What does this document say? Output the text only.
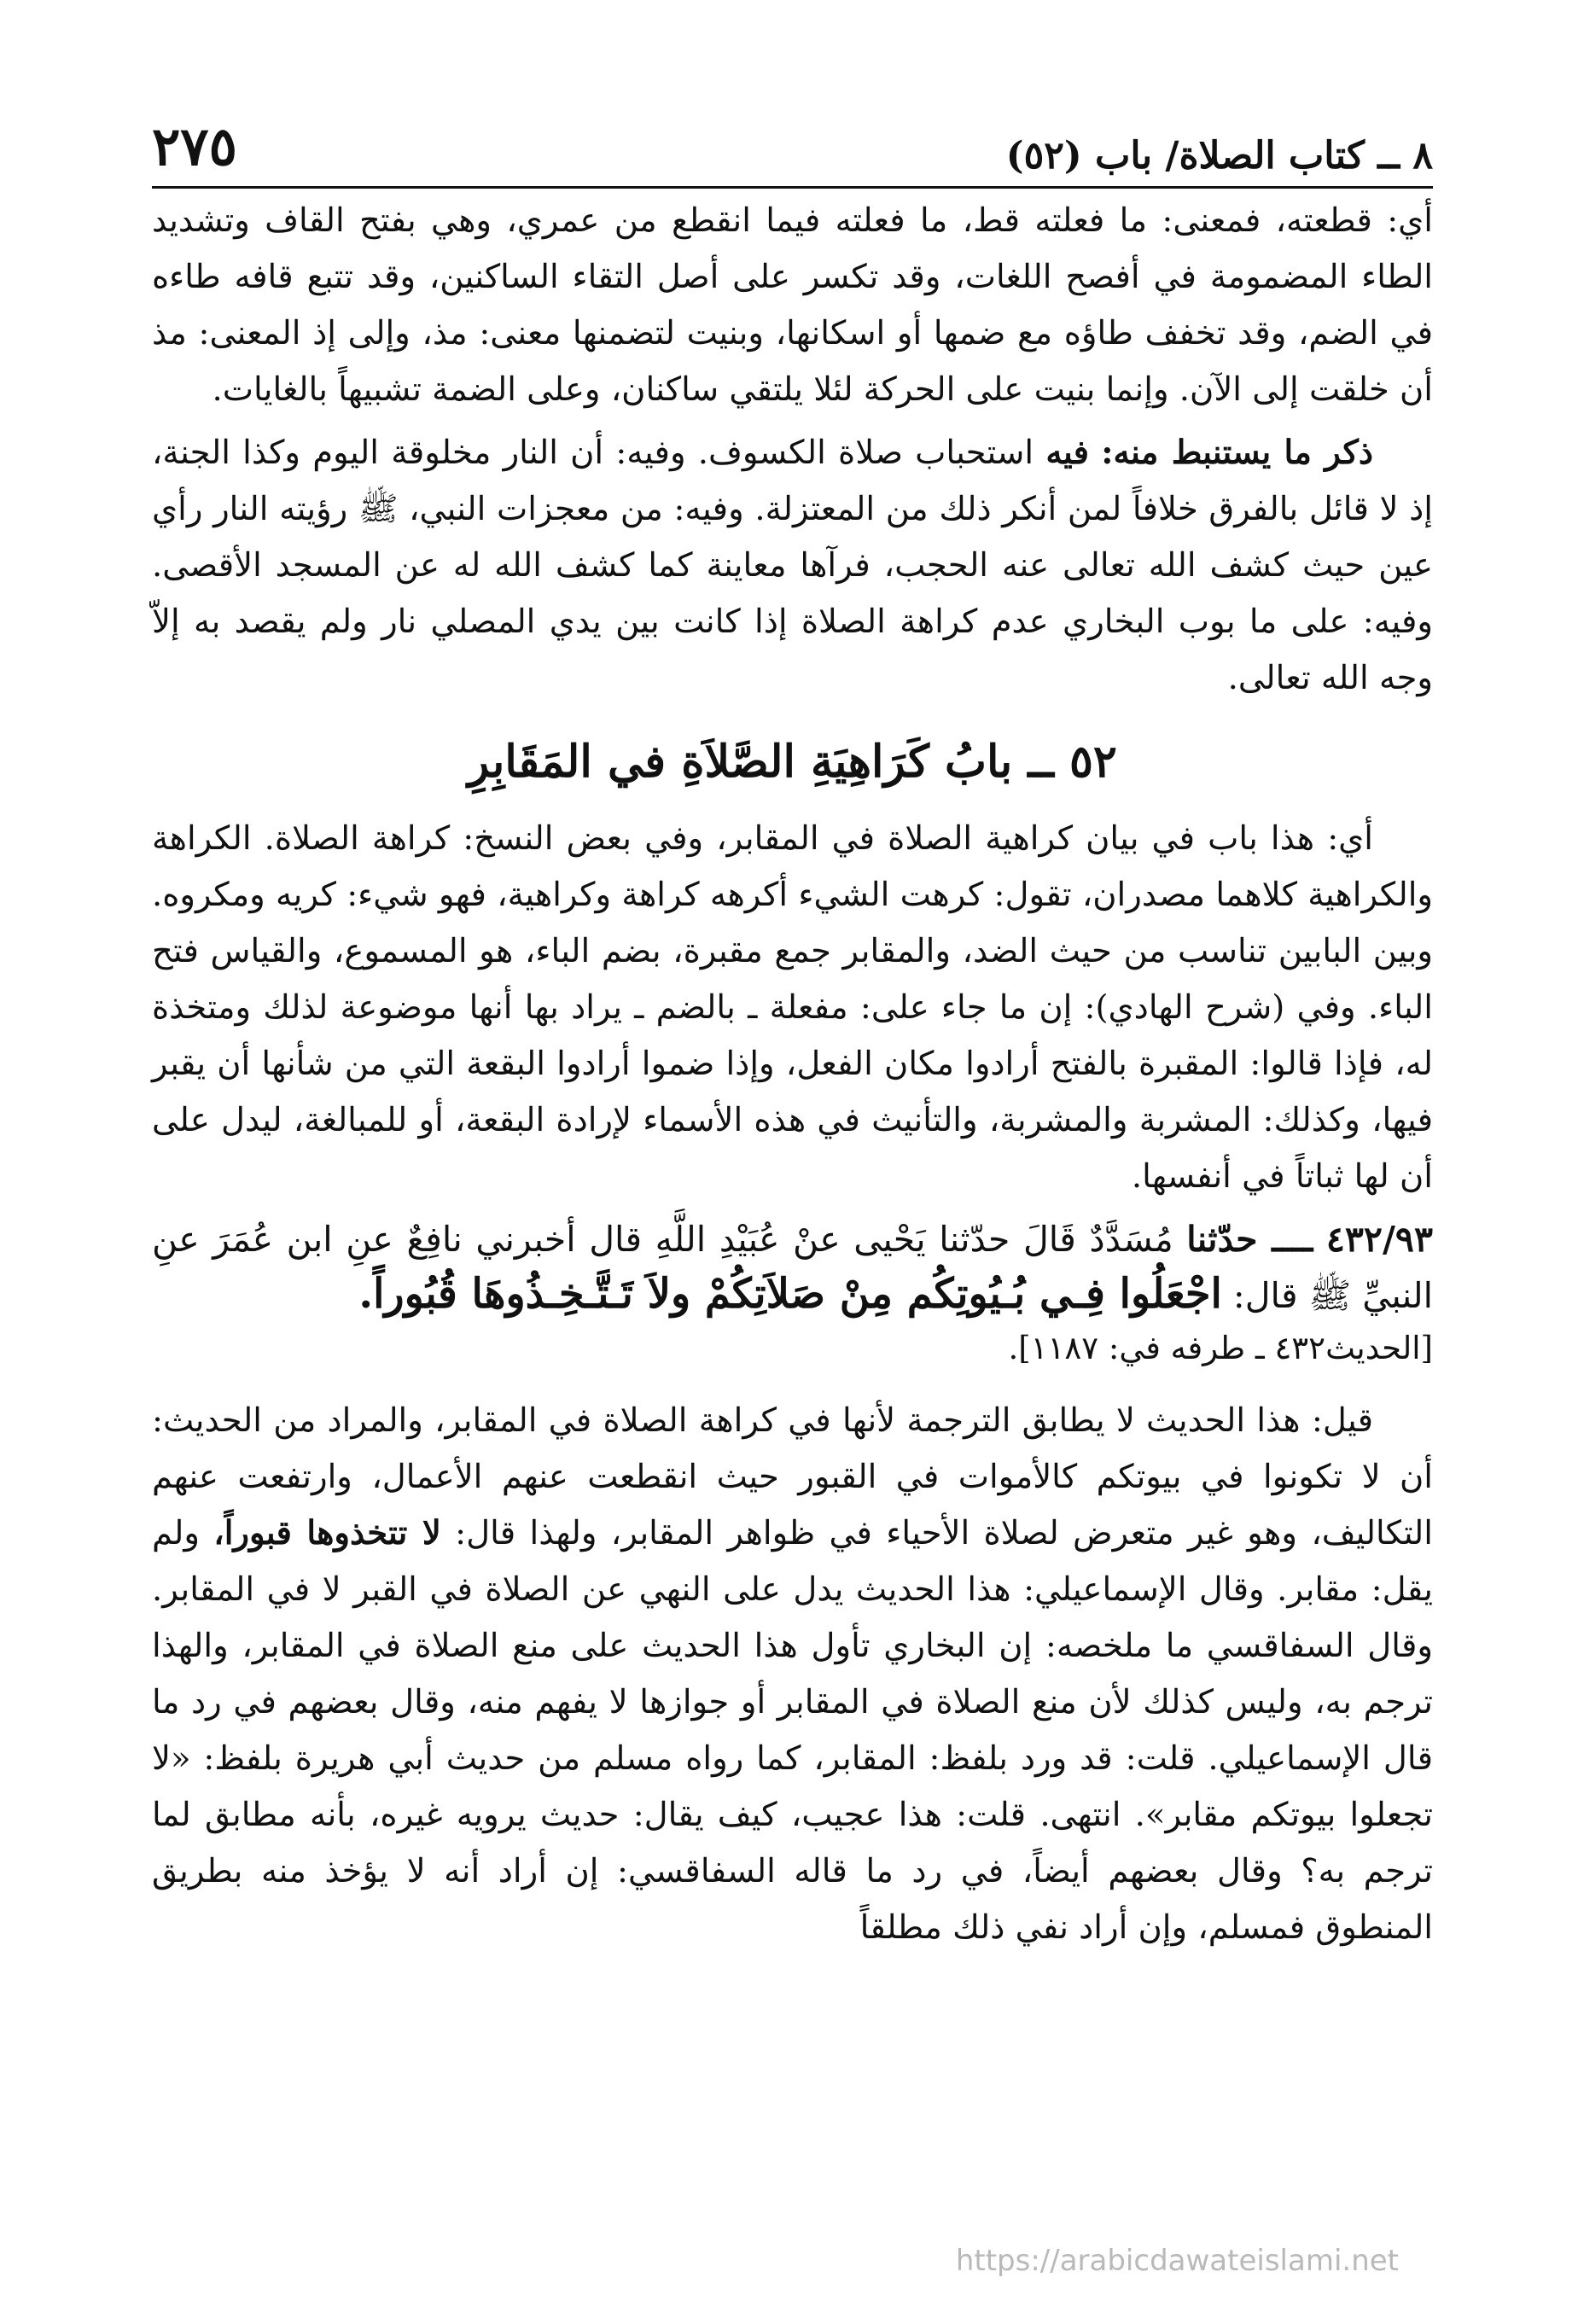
٨ ــ كتاب الصلاة/ باب (٥٢)
٢٧٥

أي: قطعته، فمعنى: ما فعلته قط، ما فعلته فيما انقطع من عمري، وهي بفتح القاف وتشديد الطاء المضمومة في أفصح اللغات، وقد تكسر على أصل التقاء الساكنين، وقد تتبع قافه طاءه في الضم، وقد تخفف طاؤه مع ضمها أو اسكانها، وبنيت لتضمنها معنى: مذ، وإلى إذ المعنى: مذ أن خلقت إلى الآن. وإنما بنيت على الحركة لئلا يلتقي ساكنان، وعلى الضمة تشبيهاً بالغايات.

ذكر ما يستنبط منه: فيه استحباب صلاة الكسوف. وفيه: أن النار مخلوقة اليوم وكذا الجنة، إذ لا قائل بالفرق خلافاً لمن أنكر ذلك من المعتزلة. وفيه: من معجزات النبي، ﷺ رؤيته النار رأي عين حيث كشف الله تعالى عنه الحجب، فرآها معاينة كما كشف الله له عن المسجد الأقصى. وفيه: على ما بوب البخاري عدم كراهة الصلاة إذا كانت بين يدي المصلي نار ولم يقصد به إلاّ وجه الله تعالى.

٥٢ ــ بابُ كَرَاهِيَةِ الصَّلاَةِ في المَقَابِرِ

أي: هذا باب في بيان كراهية الصلاة في المقابر، وفي بعض النسخ: كراهة الصلاة. الكراهة والكراهية كلاهما مصدران، تقول: كرهت الشيء أكرهه كراهة وكراهية، فهو شيء: كريه ومكروه. وبين البابين تناسب من حيث الضد، والمقابر جمع مقبرة، بضم الباء، هو المسموع، والقياس فتح الباء. وفي (شرح الهادي): إن ما جاء على: مفعلة ـ بالضم ـ يراد بها أنها موضوعة لذلك ومتخذة له، فإذا قالوا: المقبرة بالفتح أرادوا مكان الفعل، وإذا ضموا أرادوا البقعة التي من شأنها أن يقبر فيها، وكذلك: المشربة والمشربة، والتأنيث في هذه الأسماء لإرادة البقعة، أو للمبالغة، ليدل على أن لها ثباتاً في أنفسها.

٤٣٢/٩٣ ــــ حدّثنا مُسَدَّدٌ قَالَ حدّثنا يَحْيى عنْ عُبَيْدِ اللَّهِ قال أخبرني نافِعٌ عنِ ابن عُمَرَ عنِ النبيِّ ﷺ قال: اجْعَلُوا فِـي بُـيُوتِكُم مِنْ صَلاَتِكُمْ ولاَ تَـتَّـخِـذُوهَا قُبُوراً.

[الحديث٤٣٢ ـ طرفه في: ١١٨٧].

قيل: هذا الحديث لا يطابق الترجمة لأنها في كراهة الصلاة في المقابر، والمراد من الحديث: أن لا تكونوا في بيوتكم كالأموات في القبور حيث انقطعت عنهم الأعمال، وارتفعت عنهم التكاليف، وهو غير متعرض لصلاة الأحياء في ظواهر المقابر، ولهذا قال: لا تتخذوها قبوراً، ولم يقل: مقابر. وقال الإسماعيلي: هذا الحديث يدل على النهي عن الصلاة في القبر لا في المقابر. وقال السفاقسي ما ملخصه: إن البخاري تأول هذا الحديث على منع الصلاة في المقابر، والهذا ترجم به، وليس كذلك لأن منع الصلاة في المقابر أو جوازها لا يفهم منه، وقال بعضهم في رد ما قال الإسماعيلي. قلت: قد ورد بلفظ: المقابر، كما رواه مسلم من حديث أبي هريرة بلفظ: «لا تجعلوا بيوتكم مقابر». انتهى. قلت: هذا عجيب، كيف يقال: حديث يرويه غيره، بأنه مطابق لما ترجم به؟ وقال بعضهم أيضاً، في رد ما قاله السفاقسي: إن أراد أنه لا يؤخذ منه بطريق المنطوق فمسلم، وإن أراد نفي ذلك مطلقاً

https://arabicdawateislami.net
